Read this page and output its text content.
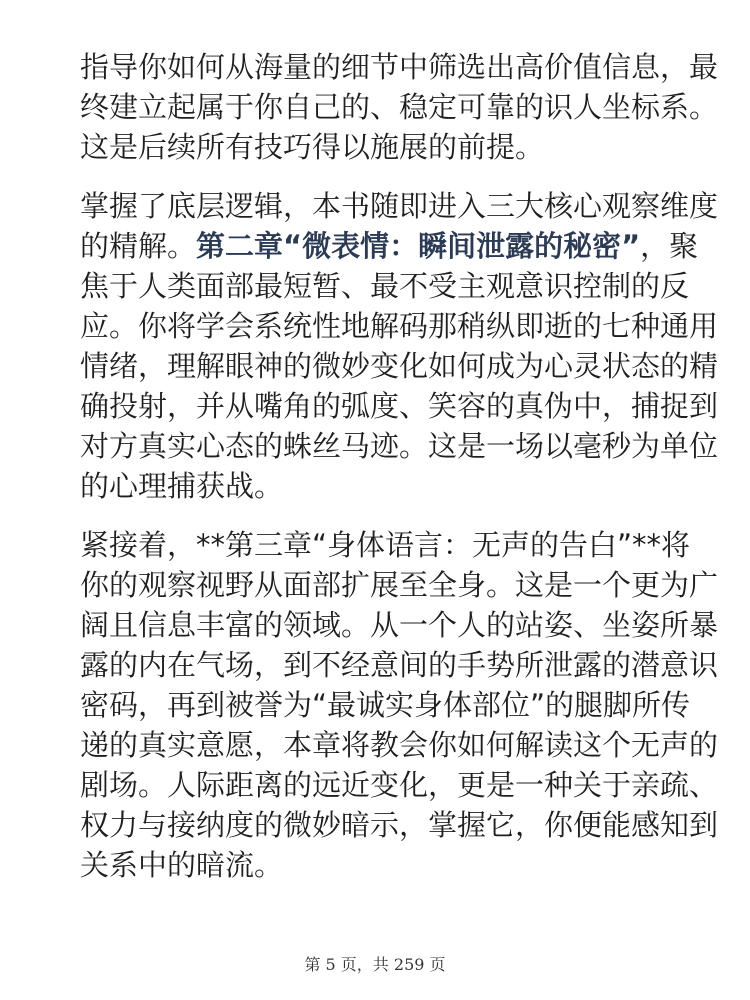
指导你如何从海量的细节中筛选出高价值信息，最
终建立起属于你自己的、稳定可靠的识人坐标系。
这是后续所有技巧得以施展的前提。
掌握了底层逻辑，本书随即进入三大核心观察维度
的精解。第二章“微表情：瞬间泄露的秘密”，聚
焦于人类面部最短暂、最不受主观意识控制的反
应。你将学会系统性地解码那稍纵即逝的七种通用
情绪，理解眼神的微妙变化如何成为心灵状态的精
确投射，并从嘴角的弧度、笑容的真伪中，捕捉到
对方真实心态的蛛丝马迹。这是一场以毫秒为单位
的心理捕获战。
紧接着，**第三章“身体语言：无声的告白”**将
你的观察视野从面部扩展至全身。这是一个更为广
阔且信息丰富的领域。从一个人的站姿、坐姿所暴
露的内在气场，到不经意间的手势所泄露的潜意识
密码，再到被誉为“最诚实身体部位”的腿脚所传
递的真实意愿，本章将教会你如何解读这个无声的
剧场。人际距离的远近变化，更是一种关于亲疏、
权力与接纳度的微妙暗示，掌握它，你便能感知到
关系中的暗流。
第 5 页，共 259 页
